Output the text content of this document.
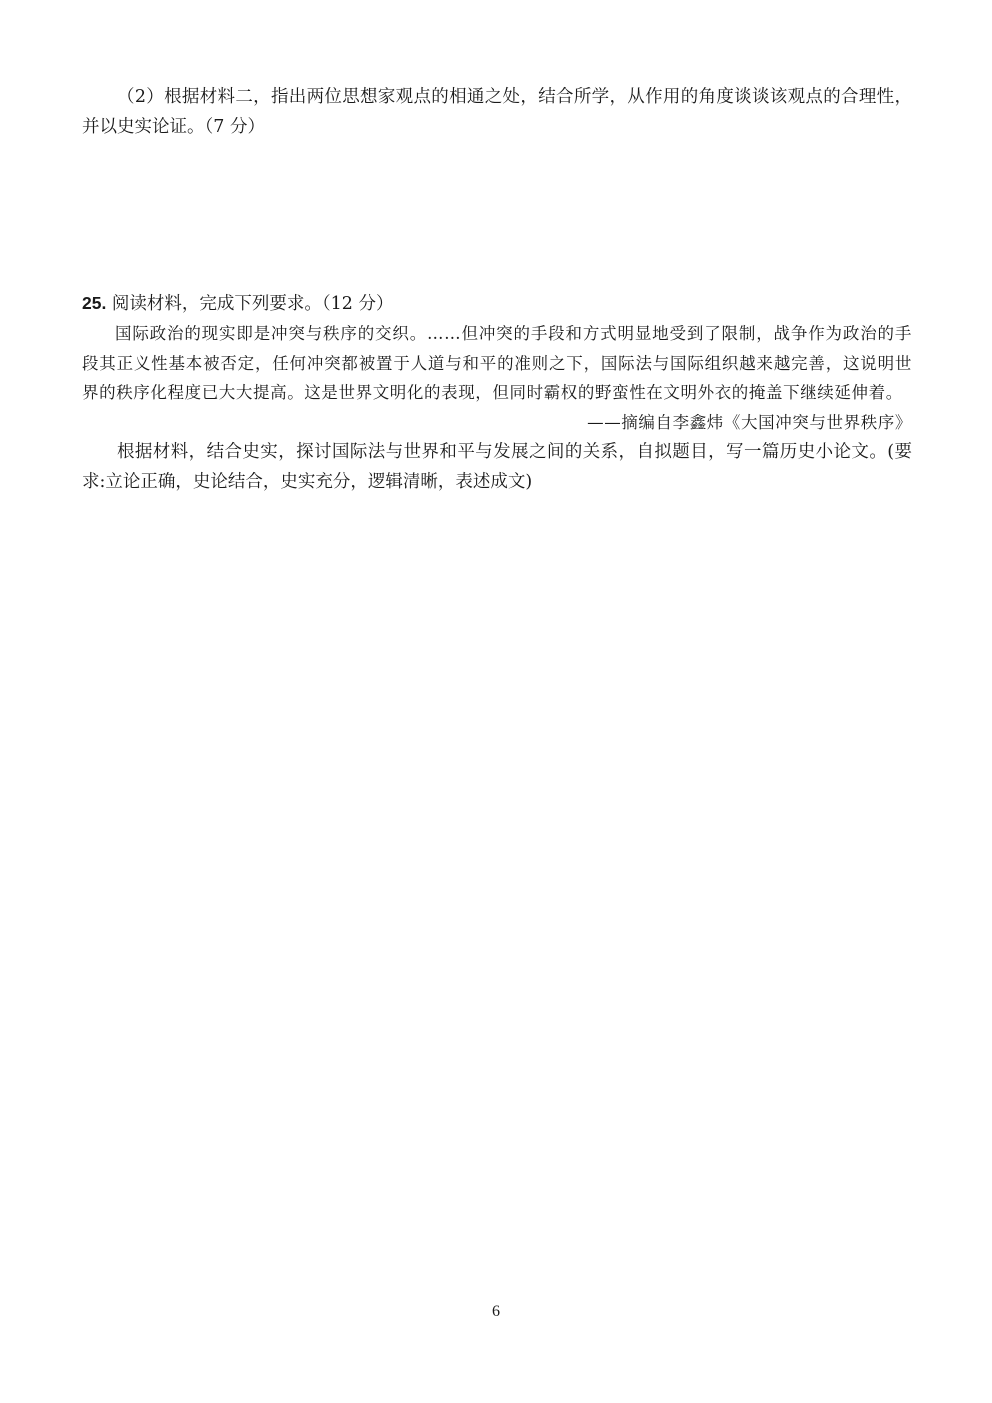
（2）根据材料二，指出两位思想家观点的相通之处，结合所学，从作用的角度谈谈该观点的合理性，并以史实论证。（7 分）

25. 阅读材料，完成下列要求。（12 分）

国际政治的现实即是冲突与秩序的交织。……但冲突的手段和方式明显地受到了限制，战争作为政治的手段其正义性基本被否定，任何冲突都被置于人道与和平的准则之下，国际法与国际组织越来越完善，这说明世界的秩序化程度已大大提高。这是世界文明化的表现，但同时霸权的野蛮性在文明外衣的掩盖下继续延伸着。

——摘编自李鑫炜《大国冲突与世界秩序》

根据材料，结合史实，探讨国际法与世界和平与发展之间的关系，自拟题目，写一篇历史小论文。(要求:立论正确，史论结合，史实充分，逻辑清晰，表述成文)

6
